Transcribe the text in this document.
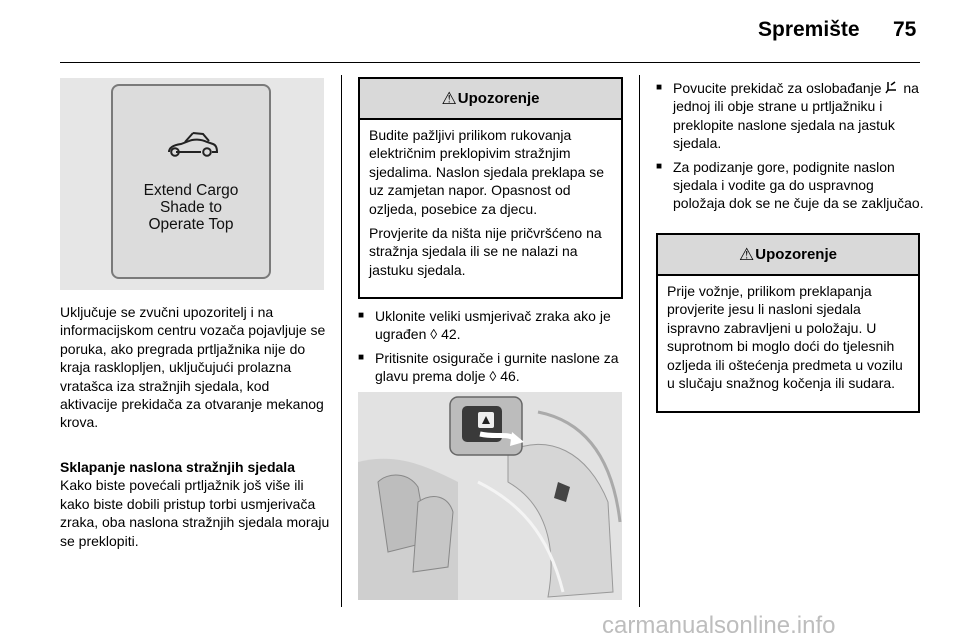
Spremište 75
Extend Cargo
Shade to
Operate Top
Uključuje se zvučni upozoritelj i na informacijskom centru vozača pojavljuje se poruka, ako pregrada prtljažnika nije do kraja rasklopljen, uključujući prolazna vratašca iza stražnjih sjedala, kod aktivacije prekidača za otvaranje mekanog krova.
Sklapanje naslona stražnjih sjedala
Kako biste povećali prtljažnik još više ili kako biste dobili pristup torbi usmjerivača zraka, oba naslona stražnjih sjedala moraju se preklopiti.
⚠ Upozorenje

Budite pažljivi prilikom rukovanja električnim preklopivim stražnjim sjedalima. Naslon sjedala preklapa se uz zamjetan napor. Opasnost od ozljeda, posebice za djecu.

Provjerite da ništa nije pričvršćeno na stražnja sjedala ili se ne nalazi na jastuku sjedala.

■ Uklonite veliki usmjerivač zraka ako je ugrađen ◊ 42.
■ Pritisnite osigurače i gurnite naslone za glavu prema dolje ◊ 46.
■ Povucite prekidač za oslobađanje na jednoj ili obje strane u prtljažniku i preklopite naslone sjedala na jastuk sjedala.
■ Za podizanje gore, podignite naslon sjedala i vodite ga do uspravnog položaja dok se ne čuje da se zaključao.
⚠ Upozorenje

Prije vožnje, prilikom preklapanja provjerite jesu li nasloni sjedala ispravno zabravljeni u položaju. U suprotnom bi moglo doći do tjelesnih ozljeda ili oštećenja predmeta u vozilu u slučaju snažnog kočenja ili sudara.

carmanualsonline.info
